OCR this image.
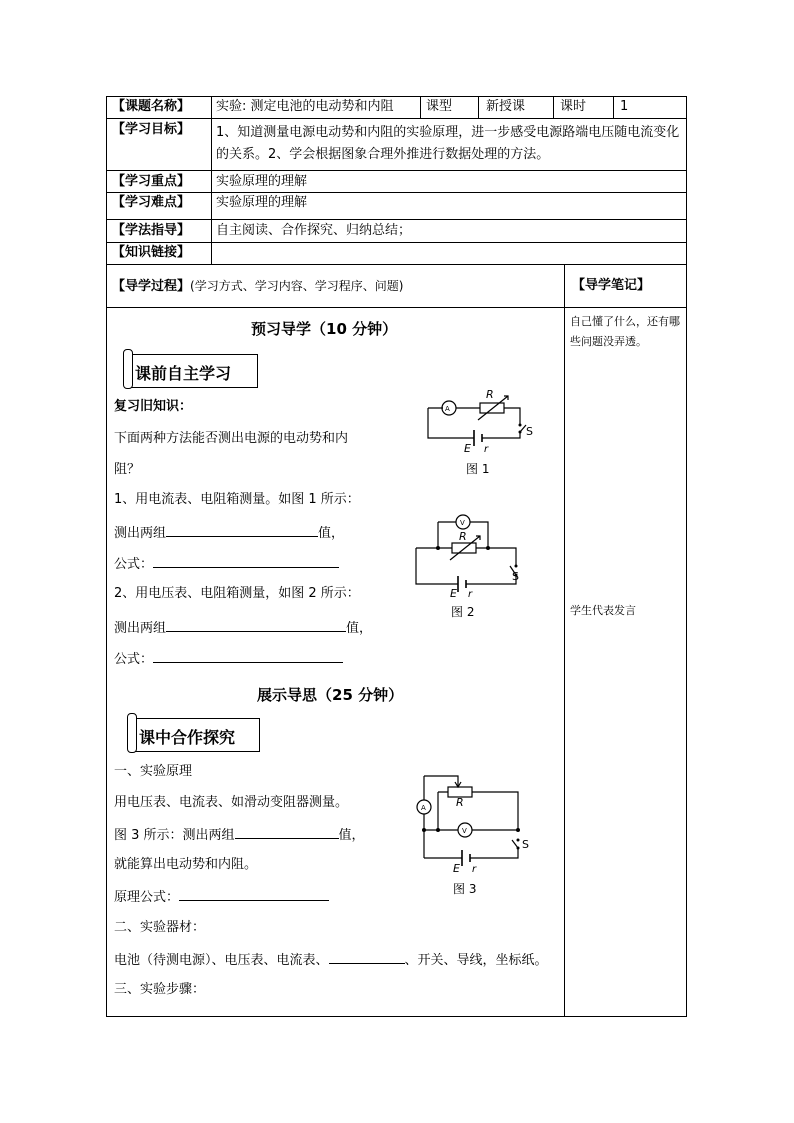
【课题名称】 实验: 测定电池的电动势和内阻 课型	新授课	课时	1
【学习目标】 1、知道测量电源电动势和内阻的实验原理，进一步感受电源路端电压随电流变化的关系。2、学会根据图象合理外推进行数据处理的方法。
【学习重点】 实验原理的理解
【学习难点】 实验原理的理解
【学法指导】 自主阅读、合作探究、归纳总结；
【知识链接】
【导学过程】(学习方式、学习内容、学习程序、问题)	【导学笔记】
自己懂了什么，还有哪些问题没弄透。
学生代表发言
预习导学（10 分钟）
课前自主学习
复习旧知识：
下面两种方法能否测出电源的电动势和内
阻？
1、用电流表、电阻箱测量。如图 1 所示：
测出两组	值，
公式：
2、用电压表、电阻箱测量，如图 2 所示：
测出两组	值，
公式：
A
R
E r
S
图 1
V
R
E r
S
图 2
展示导思（25 分钟）
课中合作探究
一、实验原理
用电压表、电流表、如滑动变阻器测量。
图 3 所示：测出两组	值，
就能算出电动势和内阻。
原理公式：
二、实验器材：
电池（待测电源）、电压表、电流表、	、开关、导线，坐标纸。
三、实验步骤：
A
V
R
E r
S
图 3
